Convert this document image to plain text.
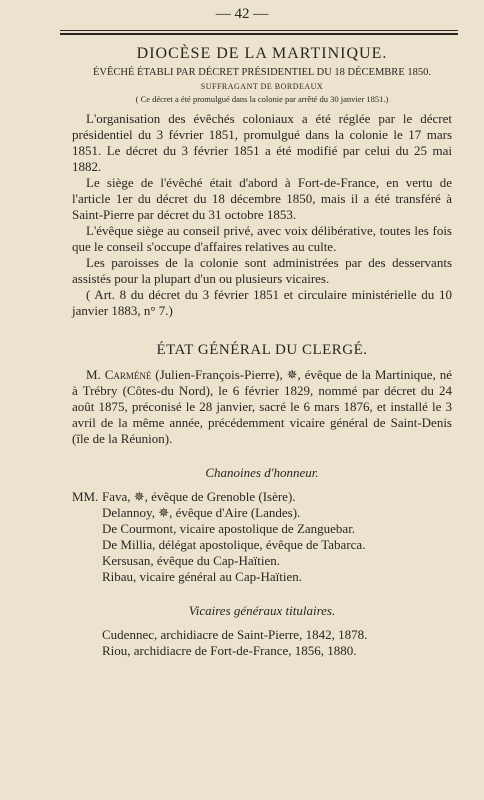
— 42 —
DIOCÈSE DE LA MARTINIQUE.
ÉVÊCHÉ ÉTABLI PAR DÉCRET PRÉSIDENTIEL DU 18 DÉCEMBRE 1850.
SUFFRAGANT DE BORDEAUX
( Ce décret a été promulgué dans la colonie par arrêté du 30 janvier 1851.)

L'organisation des évêchés coloniaux a été réglée par le décret présidentiel du 3 février 1851, promulgué dans la colonie le 17 mars 1851. Le décret du 3 février 1851 a été modifié par celui du 25 mai 1882.

Le siège de l'évêché était d'abord à Fort-de-France, en vertu de l'article 1er du décret du 18 décembre 1850, mais il a été transféré à Saint-Pierre par décret du 31 octobre 1853.

L'évêque siège au conseil privé, avec voix délibérative, toutes les fois que le conseil s'occupe d'affaires relatives au culte.

Les paroisses de la colonie sont administrées par des desservants assistés pour la plupart d'un ou plusieurs vicaires.

( Art. 8 du décret du 3 février 1851 et circulaire ministérielle du 10 janvier 1883, n° 7.)

ÉTAT GÉNÉRAL DU CLERGÉ.

M. Carméné (Julien-François-Pierre), ✵, évêque de la Martinique, né à Trébry (Côtes-du Nord), le 6 février 1829, nommé par décret du 24 août 1875, préconisé le 28 janvier, sacré le 6 mars 1876, et installé le 3 avril de la même année, précédemment vicaire général de Saint-Denis (île de la Réunion).

Chanoines d'honneur.
MM. Fava, ✵, évêque de Grenoble (Isère).
Delannoy, ✵, évêque d'Aire (Landes).
De Courmont, vicaire apostolique de Zanguebar.
De Millia, délégat apostolique, évêque de Tabarca.
Kersusan, évêque du Cap-Haïtien.
Ribau, vicaire général au Cap-Haïtien.
Vicaires généraux titulaires.
Cudennec, archidiacre de Saint-Pierre, 1842, 1878.
Riou, archidiacre de Fort-de-France, 1856, 1880.
